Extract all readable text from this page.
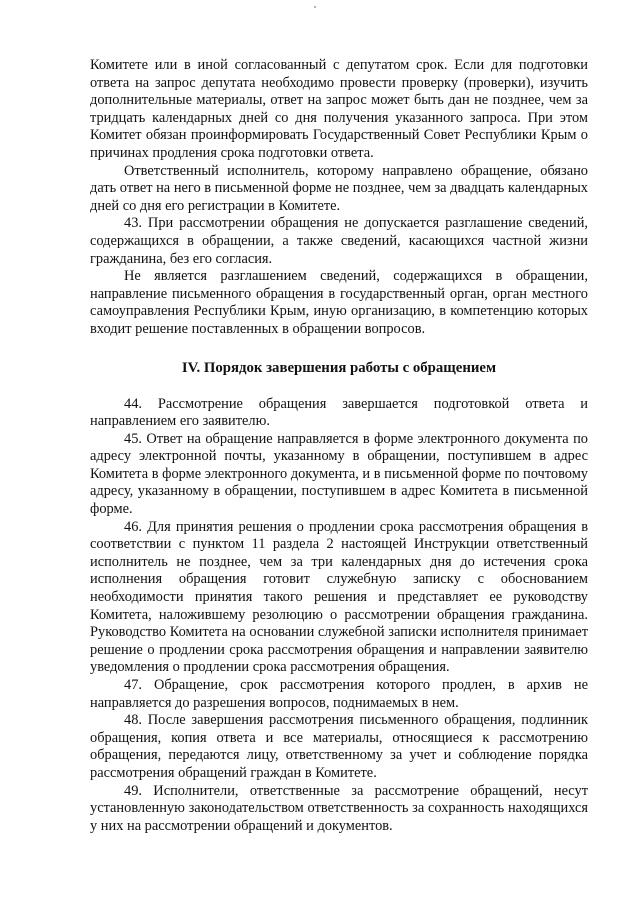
Комитете или в иной согласованный с депутатом срок. Если для подготовки ответа на запрос депутата необходимо провести проверку (проверки), изучить дополнительные материалы, ответ на запрос может быть дан не позднее, чем за тридцать календарных дней со дня получения указанного запроса. При этом Комитет обязан проинформировать Государственный Совет Республики Крым о причинах продления срока подготовки ответа.

Ответственный исполнитель, которому направлено обращение, обязано дать ответ на него в письменной форме не позднее, чем за двадцать календарных дней со дня его регистрации в Комитете.

43. При рассмотрении обращения не допускается разглашение сведений, содержащихся в обращении, а также сведений, касающихся частной жизни гражданина, без его согласия.

Не является разглашением сведений, содержащихся в обращении, направление письменного обращения в государственный орган, орган местного самоуправления Республики Крым, иную организацию, в компетенцию которых входит решение поставленных в обращении вопросов.

IV. Порядок завершения работы с обращением

44. Рассмотрение обращения завершается подготовкой ответа и направлением его заявителю.

45. Ответ на обращение направляется в форме электронного документа по адресу электронной почты, указанному в обращении, поступившем в адрес Комитета в форме электронного документа, и в письменной форме по почтовому адресу, указанному в обращении, поступившем в адрес Комитета в письменной форме.

46. Для принятия решения о продлении срока рассмотрения обращения в соответствии с пунктом 11 раздела 2 настоящей Инструкции ответственный исполнитель не позднее, чем за три календарных дня до истечения срока исполнения обращения готовит служебную записку с обоснованием необходимости принятия такого решения и представляет ее руководству Комитета, наложившему резолюцию о рассмотрении обращения гражданина. Руководство Комитета на основании служебной записки исполнителя принимает решение о продлении срока рассмотрения обращения и направлении заявителю уведомления о продлении срока рассмотрения обращения.

47. Обращение, срок рассмотрения которого продлен, в архив не направляется до разрешения вопросов, поднимаемых в нем.

48. После завершения рассмотрения письменного обращения, подлинник обращения, копия ответа и все материалы, относящиеся к рассмотрению обращения, передаются лицу, ответственному за учет и соблюдение порядка рассмотрения обращений граждан в Комитете.

49. Исполнители, ответственные за рассмотрение обращений, несут установленную законодательством ответственность за сохранность находящихся у них на рассмотрении обращений и документов.
